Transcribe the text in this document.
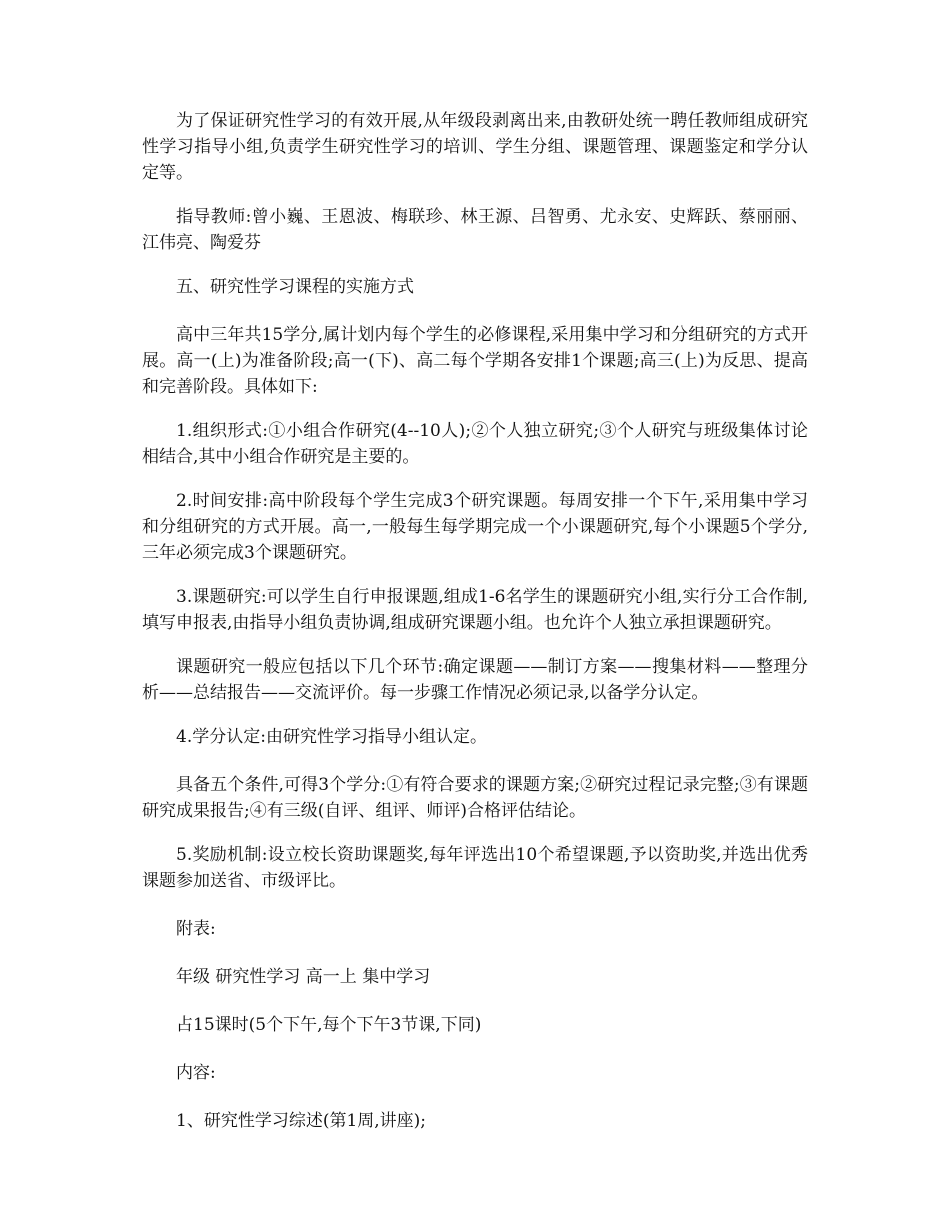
为了保证研究性学习的有效开展,从年级段剥离出来,由教研处统一聘任教师组成研究性学习指导小组,负责学生研究性学习的培训、学生分组、课题管理、课题鉴定和学分认定等。

指导教师:曾小巍、王恩波、梅联珍、林王源、吕智勇、尤永安、史辉跃、蔡丽丽、江伟亮、陶爱芬

五、研究性学习课程的实施方式

高中三年共15学分,属计划内每个学生的必修课程,采用集中学习和分组研究的方式开展。高一(上)为准备阶段;高一(下)、高二每个学期各安排1个课题;高三(上)为反思、提高和完善阶段。具体如下:

1.组织形式:①小组合作研究(4--10人);②个人独立研究;③个人研究与班级集体讨论相结合,其中小组合作研究是主要的。

2.时间安排:高中阶段每个学生完成3个研究课题。每周安排一个下午,采用集中学习和分组研究的方式开展。高一,一般每生每学期完成一个小课题研究,每个小课题5个学分,三年必须完成3个课题研究。

3.课题研究:可以学生自行申报课题,组成1-6名学生的课题研究小组,实行分工合作制,填写申报表,由指导小组负责协调,组成研究课题小组。也允许个人独立承担课题研究。

课题研究一般应包括以下几个环节:确定课题——制订方案——搜集材料——整理分析——总结报告——交流评价。每一步骤工作情况必须记录,以备学分认定。

4.学分认定:由研究性学习指导小组认定。

具备五个条件,可得3个学分:①有符合要求的课题方案;②研究过程记录完整;③有课题研究成果报告;④有三级(自评、组评、师评)合格评估结论。

5.奖励机制:设立校长资助课题奖,每年评选出10个希望课题,予以资助奖,并选出优秀课题参加送省、市级评比。

附表:

年级 研究性学习 高一上 集中学习

占15课时(5个下午,每个下午3节课,下同)

内容:

1、研究性学习综述(第1周,讲座);
